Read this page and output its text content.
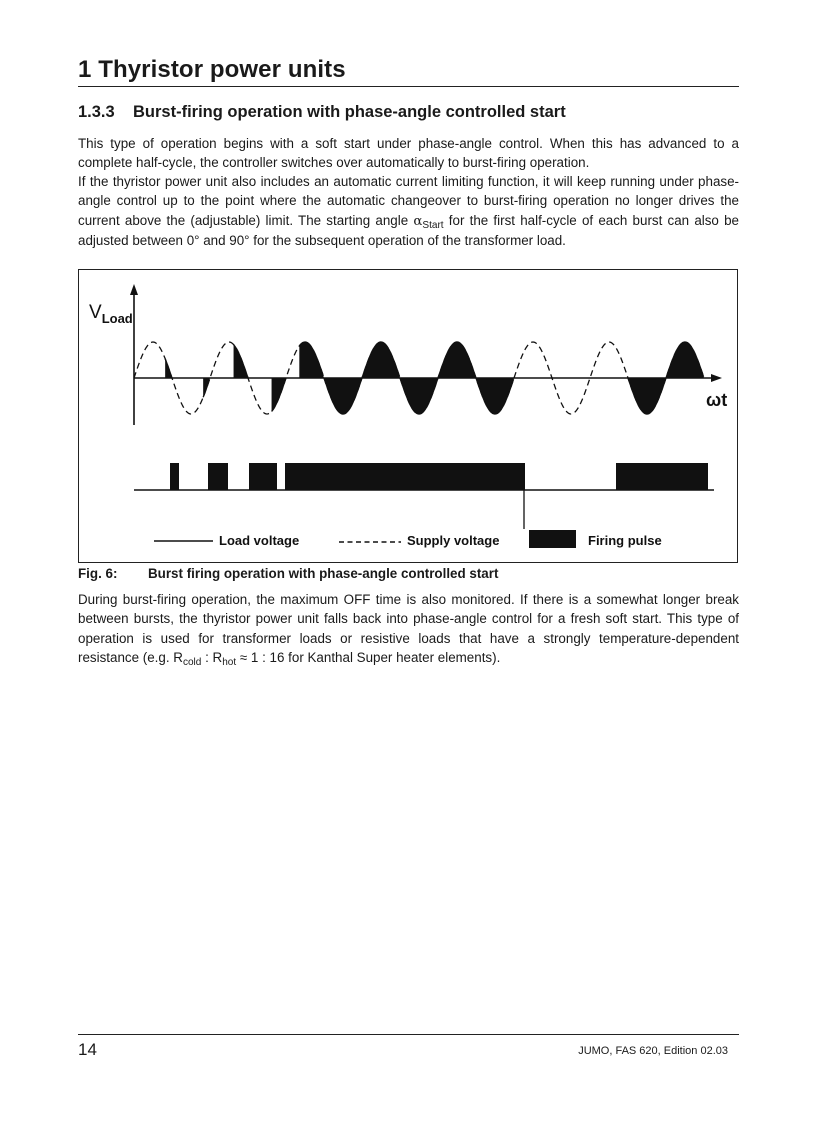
1 Thyristor power units
1.3.3 Burst-firing operation with phase-angle controlled start

This type of operation begins with a soft start under phase-angle control. When this has advanced to a complete half-cycle, the controller switches over automatically to burst-firing operation.

If the thyristor power unit also includes an automatic current limiting function, it will keep running under phase-angle control up to the point where the automatic changeover to burst-firing operation no longer drives the current above the (adjustable) limit. The starting angle $\alpha_{Start}$ for the first half-cycle of each burst can also be adjusted between 0° and 90° for the subsequent operation of the transformer load.

$V_{Load}$
ωt
Load voltage	Supply voltage	Firing pulse

Fig. 6: Burst firing operation with phase-angle controlled start

During burst-firing operation, the maximum OFF time is also monitored. If there is a somewhat longer break between bursts, the thyristor power unit falls back into phase-angle control for a fresh soft start. This type of operation is used for transformer loads or resistive loads that have a strongly temperature-dependent resistance (e.g. $R_{cold}$ : $R_{hot} \approx 1$ : 16 for Kanthal Super heater elements).

14	JUMO, FAS 620, Edition 02.03
